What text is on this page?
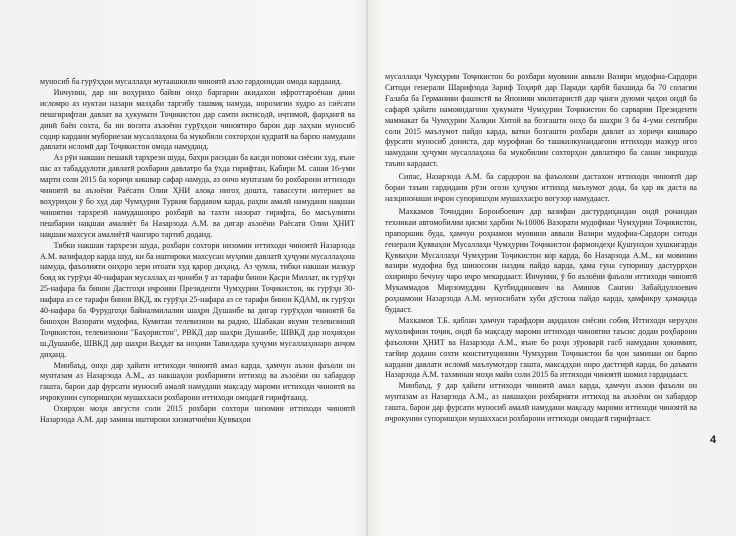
муносиб ба гурӯҳҳои мусаллаҳи мутаашкили чиноятӣ аъзо гардонидан омода кардааид.

Инчунин, дар ин воҳурихо байни онҳо баргарии акидахои ифроттароёнаи дини исломро аз нуктаи назари мазҳаби таргибу ташвиқ намуда, норозигии худро аз сиёсати пешгирифтаи давлат ва ҳукумати Тоҷикистон дар самти иктисодӣ, иҷтимоӣ, фарҳангӣ ва динӣ баён сохта, ба ин восита аъзоёни гурӯҳҳои чиноятиро барои дар лаҳзаи муносиб содир кардани мубориезаи мусаллаҳона ба мукобили сохторҳои қудратӣ ва барпо намудани давлати исломӣ дар Тоҷикистон омода намуданд.

Аз рӯи накшаи пешакӣ тархрези шуда, бахри расидан ба касди нопоки сиёсии худ, яъне пас аз табаддулоти давлатӣ рохбарии давлатро ба ӯхда гирифтан, Кабири М. санаи 16-уми марти соли 2015 ба хориҷи кишвар сафар намуда, аз ончо мунтазам бо рохбарони иттиходи чиноятӣ ва аъзоёни Раёсати Олии ҲНИ алоқа нигоҳ дошта, тавассути интернет ва воҳуриҳои ӯ бо худ дар Чумҳурии Туркия бардавом карда, раҳпи амалӣ намудани нақшаи чиноятии тархрезӣ намудашонро рохбарӣ ва тахти назорат гирифта, бо масъулияти пешбарии нақшаи амалиёт ба Назарзода А.М. ва дигар аъзоёни Раёсати Олии ҲНИТ нақшаи махсуси амалиётӣ чангиро тартиб доданд.

Тибки накшаи тархрези шуда, рохбари сохтори низомии иттиходи чиноятӣ Назарзода А.М. вазифадор карда шуд, ки ба иштироки махсусан муҳими давлатӣ ҳуҷуми мусаллаҳона намуда, фаъолияти онҳоро зери итоати худ қарор диҳанд. Аз ҷумла, тибки накшаи мазкур бояд як гурӯҳи 40-нафараи мусаллаҳ аз ҷониби ӯ аз тарафи бинои Қасри Миллат, як гурӯҳи 25-нафара ба бинои Дастгоҳи иҷроияи Президенти Чумҳурии Тоҷикистон, як гурӯҳи 30-нафара аз се тарафи бинои ВКД, як гурӯҳи 25-нафара аз се тарафи бинои КДАМ, як гурӯҳи 40-нафара ба Фурудгоҳи байналмилалии шаҳри Душанбе ва дигар гурӯҳҳои чиноятӣ ба биноҳои Вазорати мудофиа, Кумитаи телевизион ва радио, Шабакаи якуми телевизионӣ Тоҷикистон, телевизиони "Баҳористон", РВКД дар шаҳри Душанбе, ШВКД дар ноҳияҳои ш.Душанбе, ШВКД дар шаҳри Ваҳдат ва ноҳияи Тавилдара ҳуҷуми мусаллаҳонаро анҷом диҳанд.

Минбаъд, онҳо дар ҳайати иттиходи чиноятӣ амал карда, ҳамчун аъзои фаъоли он мунтазам аз Назарзода А.М., аз накшаҳои рохбарияти иттиход ва аъзоёни он хабардор гашта, барои дар фурсати муносиб амалӣ намудани мақсаду мароми иттиходи чиноятӣ ва иҷрокунии супоришҳои мушаххаси рохбарони иттиходи омодагӣ гирифтаанд.

Охирҳои моҳи августи соли 2015 рохбари сохтори низомии иттиходи чиноятӣ Назарзода А.М. дар замина иштироки хизматчиёни Қувваҳои

мусаллаҳи Чумҳурии Тоҷикистон бо рохбари муовини аввали Вазири мудофиа-Сардори Ситоди генерали Шарифзода Зариф Тоҳирӣ дар Паради ҳарбӣ бахшида ба 70 солагии Ғалаба ба Германияи фашистӣ ва Японияи милитаристӣ дар ҷанги дуюми ҷаҳон ондӣ ба сафарӣ ҳайати намояндагони ҳукумати Чумҳурии Тоҷикистон бо сарварии Президенти маммакат ба Чумҳурии Халқии Хитой ва бозгашти онҳо ба шаҳри 3 ба 4-уми сентябри соли 2015 маълумот пайдо карда, ватки бозгашти рохбари давлат аз хориҷи кишваро фурсати муносиб донистa, дар мурофиаи бо ташкилкунандагони иттиходи мазкур огоз намудани ҳуҷуми мусаллаҳона ба мукобилии сохторҳои давлатиро ба санаи зикршуда таъин кардааст.

Сипас, Назарзода А.М. ба сардорон ва фаъолони дастахои иттиходи чиноятӣ дар бораи таъин гардидани рӯзи огози ҳуҷуми иттиход маълумот дода, ба ҳар як даста ва назцинонаши иҷрои супоришҳои мушаххасро вогузор намудааст.

Махкамов Точиддин Боронбоевич дар вазифаи дастурдиҳандаи ондӣ ронандаи техникаи автомобилии қисми ҳарбии №10006 Вазорати мудофиаи Чумҳурии Тоҷикистон, прапоршик буда, ҳамчун роҳнамои муовини аввали Вазири мудофиа-Сардори ситоди генерали Қувваҳои Мусаллаҳи Чумҳурии Тоҷикистон фармондеҳи Қушунҳои хушкигарди Қувваҳои Мусаллаҳи Чумҳурии Тоҷикистон кор карда, бо Назарзода А.М., ки мовинии вазири мудофиа буд шиносони наздик пайдо карда, ҳама гуна супоришу дастуррҳои охиринро бечуну чаро иҷро мекардааст. Инчунин, ӯ бо аъзоёни фаъоли иттиходи чиноятӣ Мукаммадов Мирзомуддин Қутбиддинович ва Аминов Сангин Забайдуллоевич роҳнамоии Назарзода А.М. муносибати хуби дӯстона пайдо карда, ҳамфикру ҳамақида будааст.

Махкамов Т.Б. қаблан ҳамчун тарафдори ақидахои сиёсии собиқ Иттиходи неруҳои мухолифини тоҷик, ондӣ ба мақсаду мароми иттиходи чиноятии таъсис додаи роҳбарони фаъолони ҲНИТ ва Назарзода А.М., яъне бо роҳи зӯроварӣ гасб намудани ҳокимият, тағйир додани сохти конституционии Чумҳурии Тоҷикистон ба ҷои заминаи он барпо кардани давлати исломӣ маълумотдор гашта, максадҳои онро дастгирӣ карда, бо даъвати Назарзода А.М. тахминан моҳи майи соли 2015 ба иттиходи чиноятӣ шомил гардидааст.

Минбаъд, ӯ дар ҳайати иттиходи чиноятӣ амал карда, ҳамчун аъзои фаъоли он мунтазам аз Назарзода А.М., аз накшаҳои рохбарияти иттиход ва аъзоёни он хабардор гашта, барои дар фурсати муносиб амалӣ намудани мақсаду мароми иттиходи чиноятӣ ва иҷрокунии супоришҳои мушаххаси рохбарони иттиходи омодагӣ гирифтааст.

4
